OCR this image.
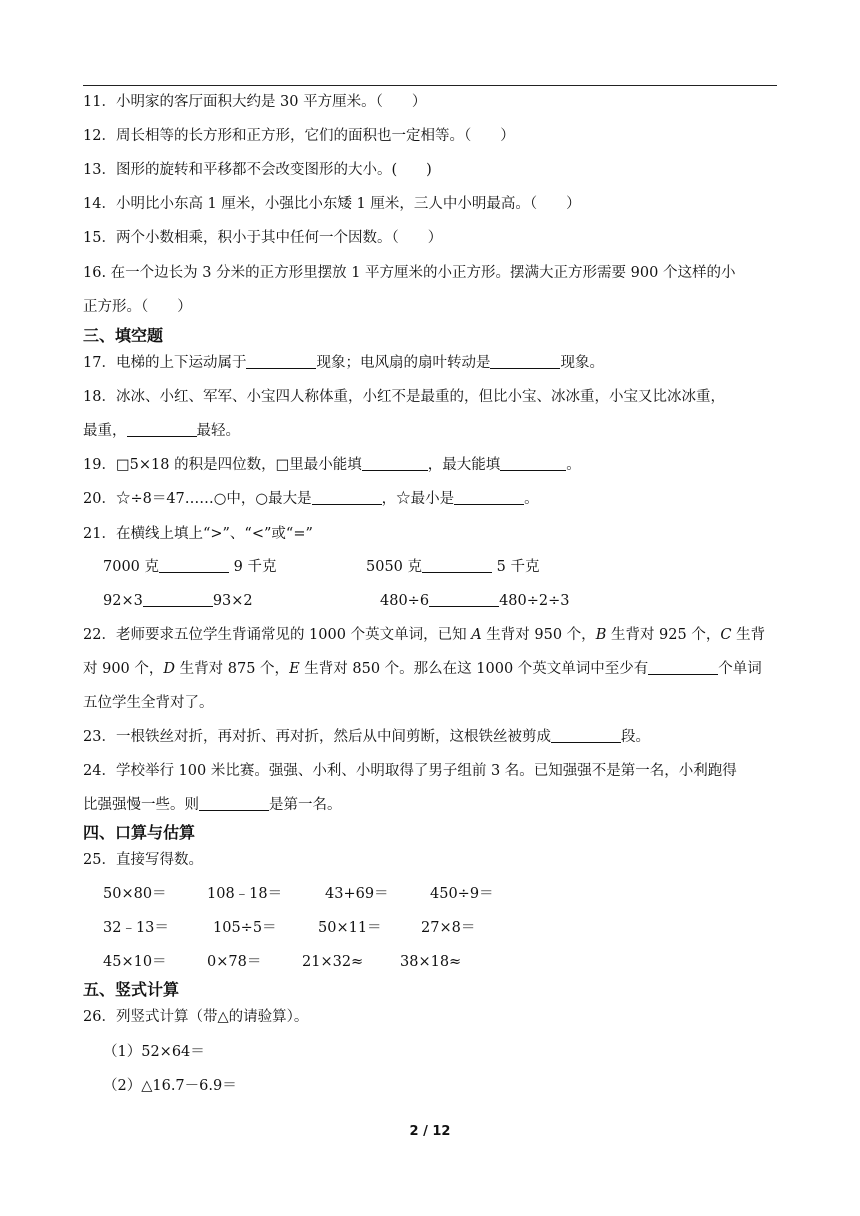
11．小明家的客厅面积大约是 30 平方厘米。（　　）
12．周长相等的长方形和正方形，它们的面积也一定相等。（　　）
13．图形的旋转和平移都不会改变图形的大小。(　　)
14．小明比小东高 1 厘米，小强比小东矮 1 厘米，三人中小明最高。（　　）
15．两个小数相乘，积小于其中任何一个因数。（　　）
16. 在一个边长为 3 分米的正方形里摆放 1 平方厘米的小正方形。摆满大正方形需要 900 个这样的小
正方形。（　　）
三、填空题
17．电梯的上下运动属于	现象；电风扇的扇叶转动是	现象。
18．冰冰、小红、军军、小宝四人称体重，小红不是最重的，但比小宝、冰冰重，小宝又比冰冰重，
最重，	最轻。
19．□5×18 的积是四位数，□里最小能填	，最大能填	。
20．☆÷8＝47……○中，○最大是	，☆最小是	。
21．在横线上填上“>”、“<”或“=”
7000 克	9 千克	5050 克	5 千克
92×3	93×2	480÷6	480÷2÷3
22．老师要求五位学生背诵常见的 1000 个英文单词，已知 A 生背对 950 个，B 生背对 925 个，C 生背
对 900 个，D 生背对 875 个，E 生背对 850 个。那么在这 1000 个英文单词中至少有	个单词
五位学生全背对了。
23．一根铁丝对折，再对折、再对折，然后从中间剪断，这根铁丝被剪成	段。
24．学校举行 100 米比赛。强强、小利、小明取得了男子组前 3 名。已知强强不是第一名，小利跑得
比强强慢一些。则	是第一名。
四、口算与估算
25．直接写得数。
50×80＝	108﹣18＝	43+69＝	450÷9＝
32﹣13＝	105÷5＝	50×11＝	27×8＝
45×10＝	0×78＝	21×32≈	38×18≈
五、竖式计算
26．列竖式计算（带△的请验算）。
（1）52×64＝
（2）△16.7－6.9＝
2 / 12
